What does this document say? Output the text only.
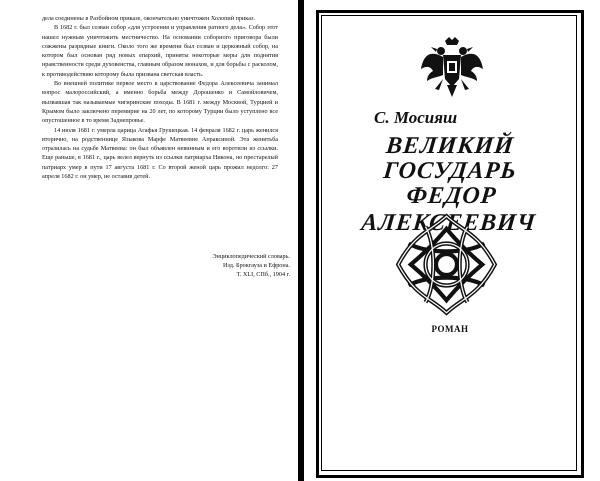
дела соединены в Разбойном приказе, окончательно уничтожен Холопий приказ.

В 1682 г. был созван собор «для устроения и управления ратного дела». Собор этот нашел нужным уничтожить местничество. На основании соборного приговора были сожжены разрядные книги. Около того же времени был созван и церковный собор, на котором был основан ряд новых епархий, приняты некоторые меры для поднятия нравственности среди духовенства, главным образом монахов, и для борьбы с расколом, к противодействию которому была призвана светская власть.

Во внешней политике первое место в царствование Федора Алексеевича занимал вопрос малороссийский, а именно борьба между Дорошенко и Самойловичем, вызвавшая так называемые чигиринские походы. В 1681 г. между Москвой, Турцией и Крымом было заключено перемирие на 20 лет, по которому Турции было уступлено все опустошенное в то время Заднепровье.

14 июля 1681 г. умерла царица Агафья Грушецкая. 14 февраля 1682 г. царь женился вторично, на родственнице Языкова Марфе Матвеевне Апраксиной. Эта женитьба отразилась на судьбе Матвеева: он был объявлен невинным и его воротили из ссылки. Еще раньше, в 1681 г., царь велел вернуть из ссылки патриарха Никона, но престарелый патриарх умер в пути 17 августа 1681 г. Со второй женой царь прожил недолго: 27 апреля 1682 г. он умер, не оставив детей.

Энциклопедический словарь.
Изд. Брокгауза и Ефрона.
Т. XLI, СПб., 1904 г.
С. Мосияш
ВЕЛИКИЙ
ГОСУДАРЬ
ФЕДОР АЛЕКСЕЕВИЧ
РОМАН
